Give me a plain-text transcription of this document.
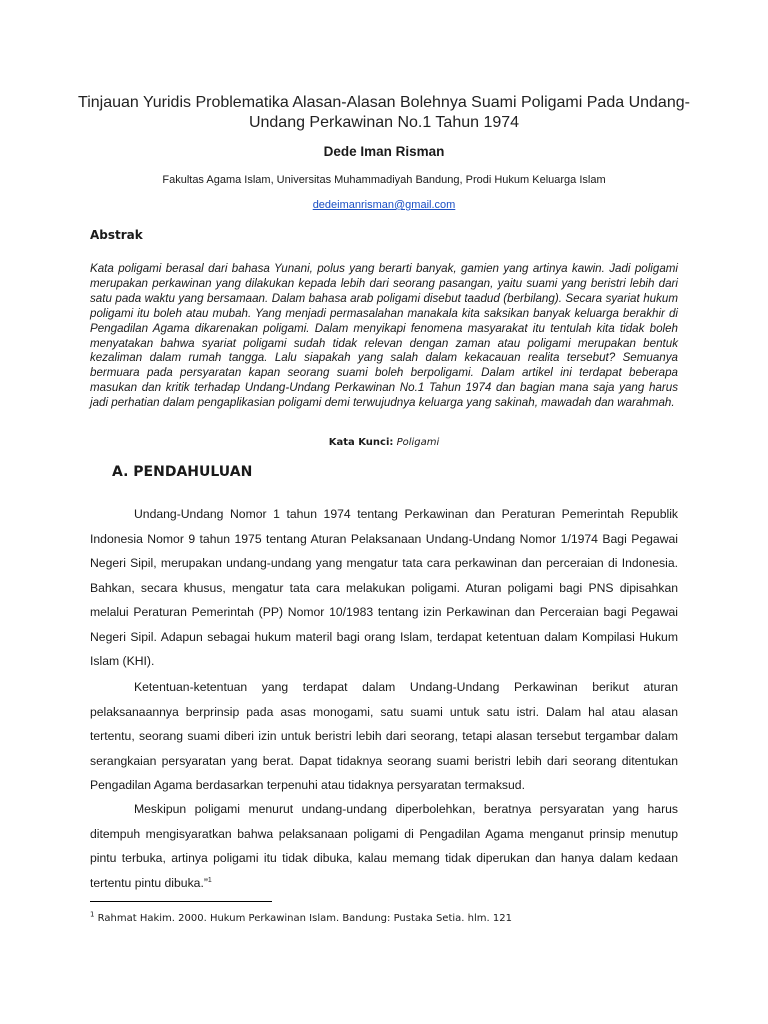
Tinjauan Yuridis Problematika Alasan-Alasan Bolehnya Suami Poligami Pada Undang-Undang Perkawinan No.1 Tahun 1974
Dede Iman Risman
Fakultas Agama Islam, Universitas Muhammadiyah Bandung, Prodi Hukum Keluarga Islam
dedeimanrisman@gmail.com
Abstrak
Kata poligami berasal dari bahasa Yunani, polus yang berarti banyak, gamien yang artinya kawin. Jadi poligami merupakan perkawinan yang dilakukan kepada lebih dari seorang pasangan, yaitu suami yang beristri lebih dari satu pada waktu yang bersamaan. Dalam bahasa arab poligami disebut taadud (berbilang). Secara syariat hukum poligami itu boleh atau mubah. Yang menjadi permasalahan manakala kita saksikan banyak keluarga berakhir di Pengadilan Agama dikarenakan poligami. Dalam menyikapi fenomena masyarakat itu tentulah kita tidak boleh menyatakan bahwa syariat poligami sudah tidak relevan dengan zaman atau poligami merupakan bentuk kezaliman dalam rumah tangga. Lalu siapakah yang salah dalam kekacauan realita tersebut? Semuanya bermuara pada persyaratan kapan seorang suami boleh berpoligami. Dalam artikel ini terdapat beberapa masukan dan kritik terhadap Undang-Undang Perkawinan No.1 Tahun 1974 dan bagian mana saja yang harus jadi perhatian dalam pengaplikasian poligami demi terwujudnya keluarga yang sakinah, mawadah dan warahmah.
Kata Kunci: Poligami
A. PENDAHULUAN

Undang-Undang Nomor 1 tahun 1974 tentang Perkawinan dan Peraturan Pemerintah Republik Indonesia Nomor 9 tahun 1975 tentang Aturan Pelaksanaan Undang-Undang Nomor 1/1974 Bagi Pegawai Negeri Sipil, merupakan undang-undang yang mengatur tata cara perkawinan dan perceraian di Indonesia. Bahkan, secara khusus, mengatur tata cara melakukan poligami. Aturan poligami bagi PNS dipisahkan melalui Peraturan Pemerintah (PP) Nomor 10/1983 tentang izin Perkawinan dan Perceraian bagi Pegawai Negeri Sipil. Adapun sebagai hukum materil bagi orang Islam, terdapat ketentuan dalam Kompilasi Hukum Islam (KHI).

Ketentuan-ketentuan yang terdapat dalam Undang-Undang Perkawinan berikut aturan pelaksanaannya berprinsip pada asas monogami, satu suami untuk satu istri. Dalam hal atau alasan tertentu, seorang suami diberi izin untuk beristri lebih dari seorang, tetapi alasan tersebut tergambar dalam serangkaian persyaratan yang berat. Dapat tidaknya seorang suami beristri lebih dari seorang ditentukan Pengadilan Agama berdasarkan terpenuhi atau tidaknya persyaratan termaksud.

Meskipun poligami menurut undang-undang diperbolehkan, beratnya persyaratan yang harus ditempuh mengisyaratkan bahwa pelaksanaan poligami di Pengadilan Agama menganut prinsip menutup pintu terbuka, artinya poligami itu tidak dibuka, kalau memang tidak diperukan dan hanya dalam kedaan tertentu pintu dibuka.”$^1$

$^1$ Rahmat Hakim. 2000. Hukum Perkawinan Islam. Bandung: Pustaka Setia. hlm. 121
